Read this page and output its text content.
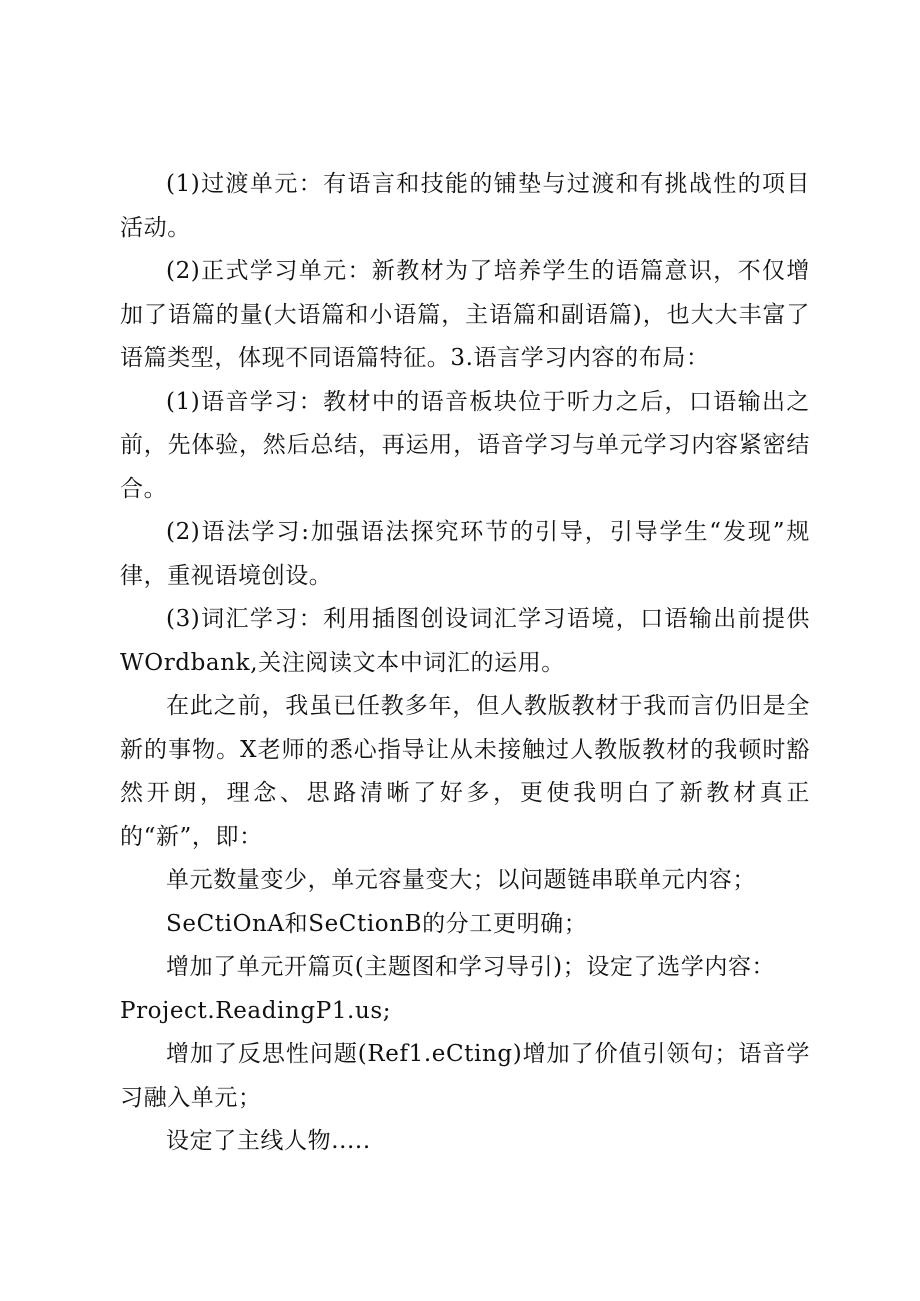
(1)过渡单元：有语言和技能的铺垫与过渡和有挑战性的项目活动。

(2)正式学习单元：新教材为了培养学生的语篇意识，不仅增加了语篇的量(大语篇和小语篇，主语篇和副语篇)，也大大丰富了语篇类型，体现不同语篇特征。3.语言学习内容的布局：

(1)语音学习：教材中的语音板块位于听力之后，口语输出之前，先体验，然后总结，再运用，语音学习与单元学习内容紧密结合。

(2)语法学习:加强语法探究环节的引导，引导学生“发现”规律，重视语境创设。

(3)词汇学习：利用插图创设词汇学习语境，口语输出前提供WOrdbank,关注阅读文本中词汇的运用。

在此之前，我虽已任教多年，但人教版教材于我而言仍旧是全新的事物。X老师的悉心指导让从未接触过人教版教材的我顿时豁然开朗，理念、思路清晰了好多，更使我明白了新教材真正的“新”，即：

单元数量变少，单元容量变大；以问题链串联单元内容；

SeCtiOnA和SeCtionB的分工更明确；

增加了单元开篇页(主题图和学习导引)；设定了选学内容：

Project.ReadingP1.us;

增加了反思性问题(Ref1.eCting)增加了价值引领句；语音学习融入单元；

设定了主线人物.....
